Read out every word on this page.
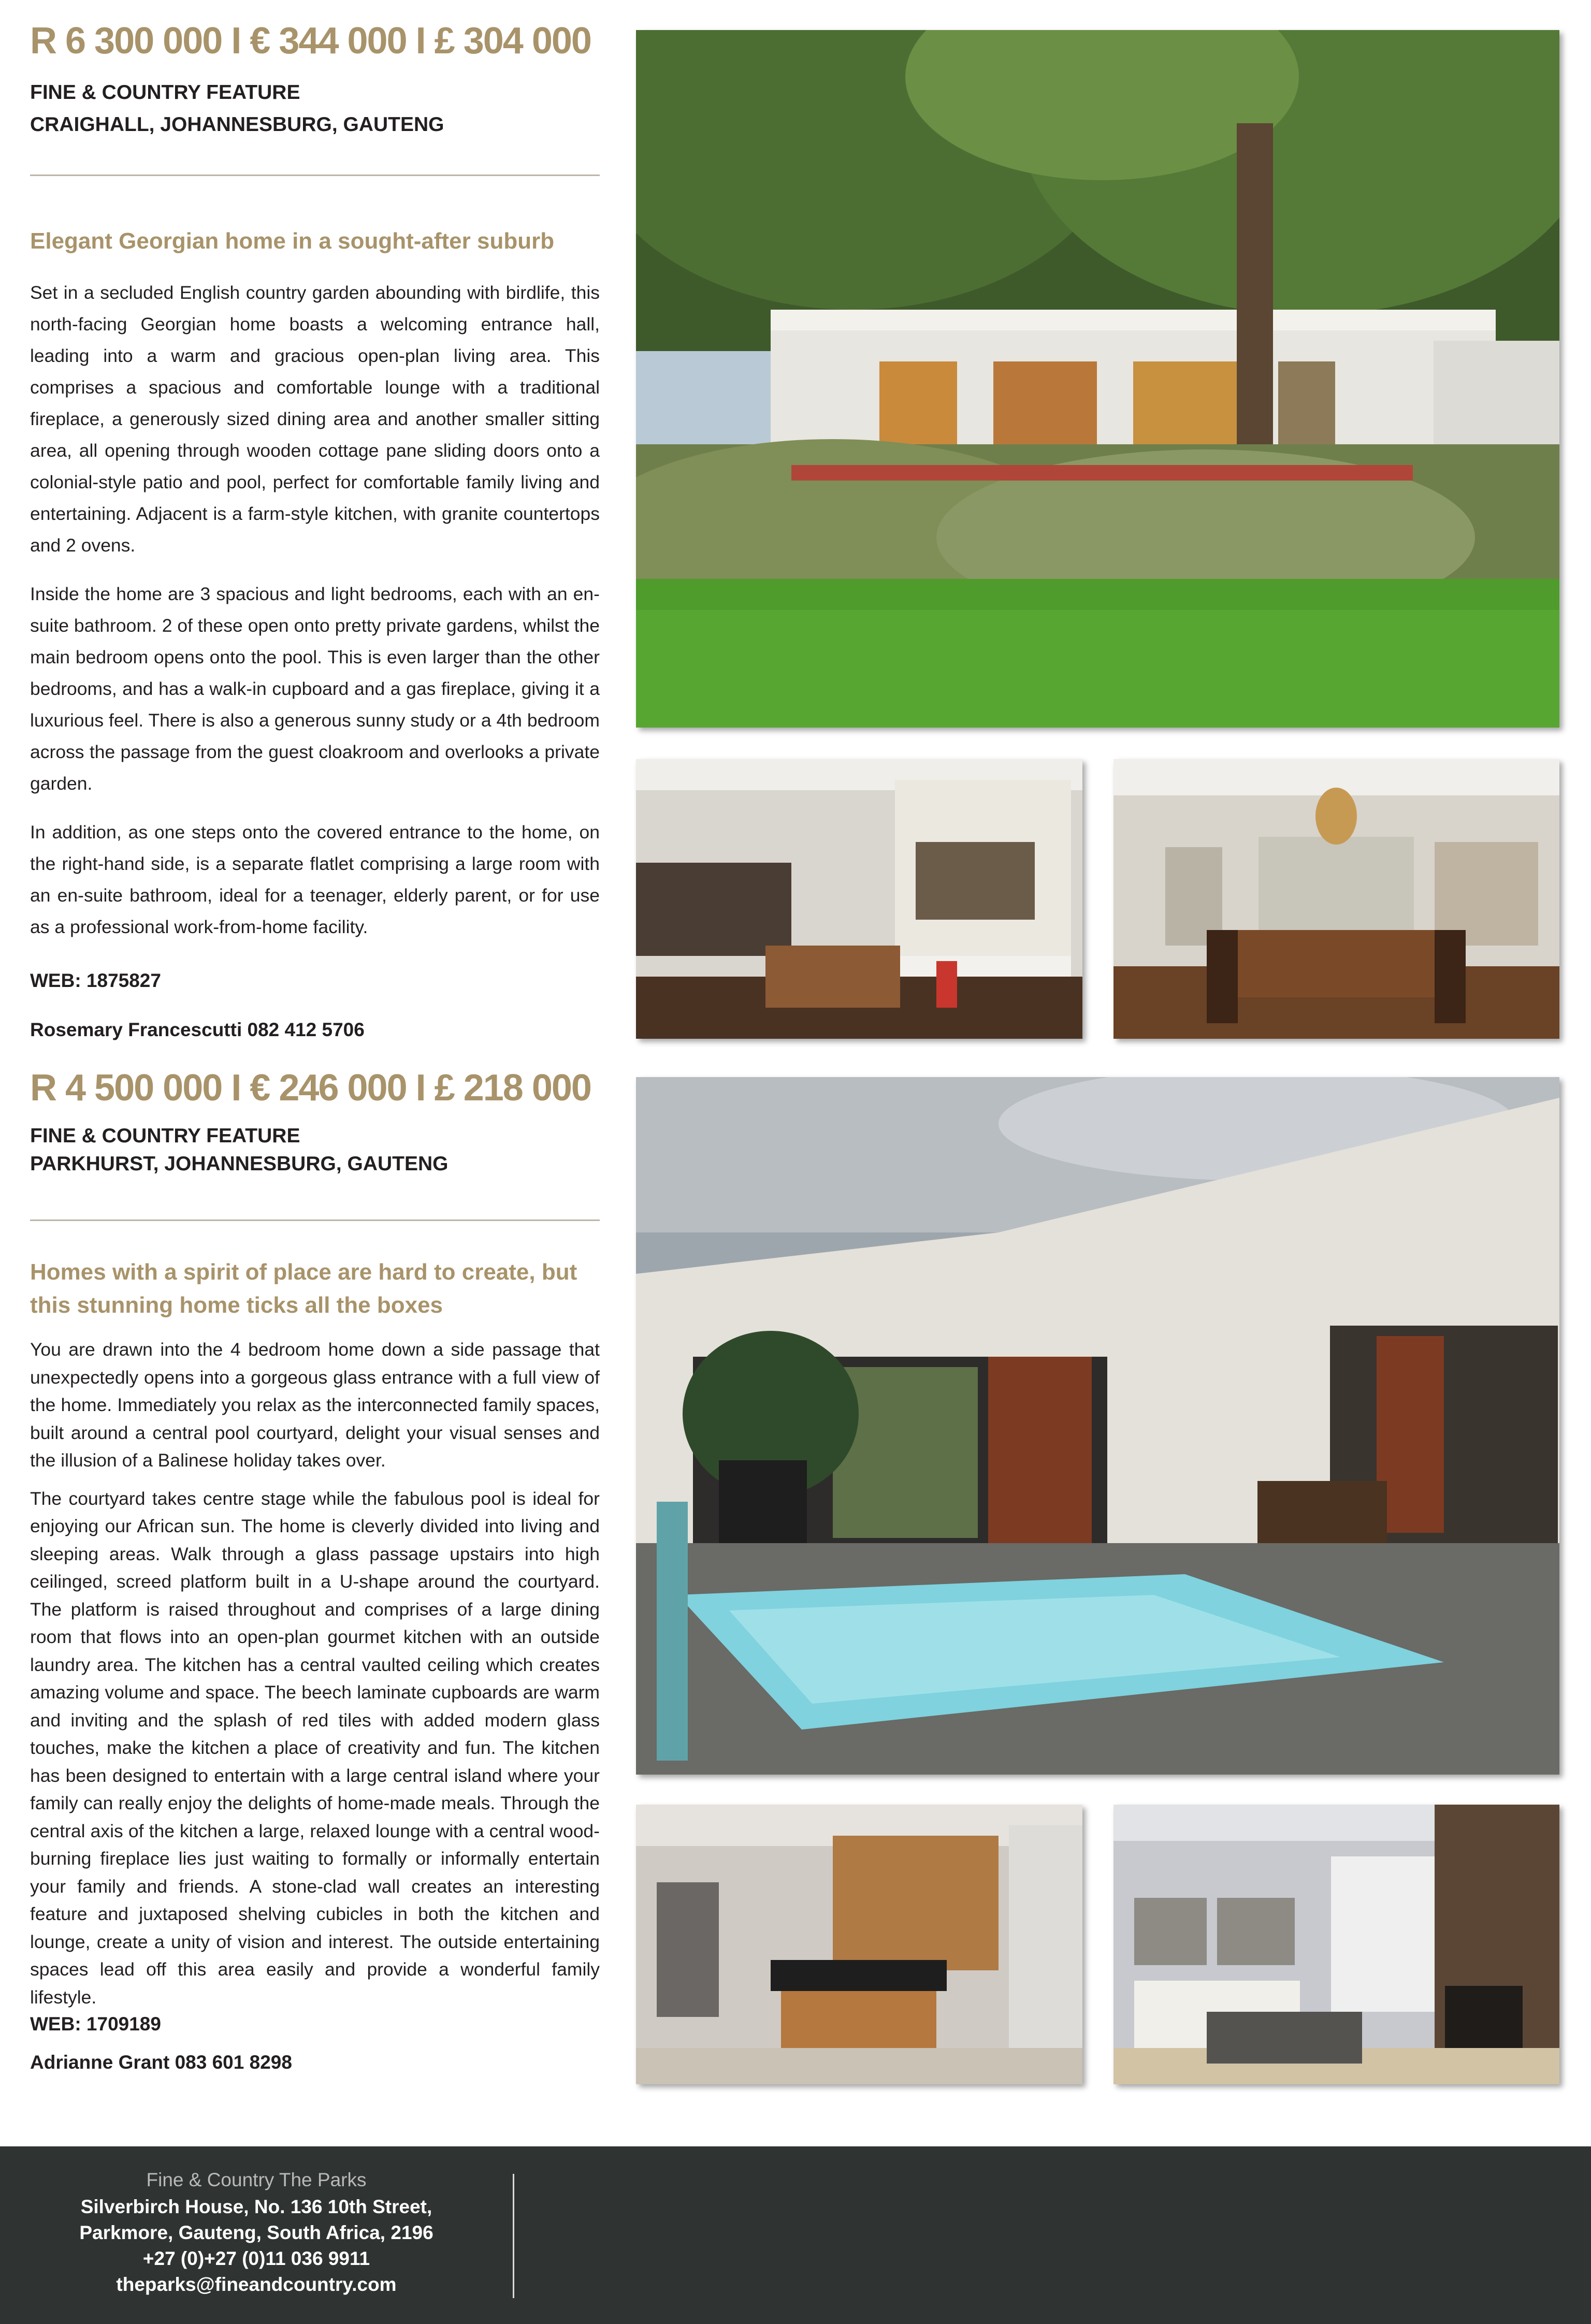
R 6 300 000 I € 344 000 I £ 304 000
FINE & COUNTRY FEATURE
CRAIGHALL, JOHANNESBURG, GAUTENG
Elegant Georgian home in a sought-after suburb

Set in a secluded English country garden abounding with birdlife, this north-facing Georgian home boasts a welcoming entrance hall, leading into a warm and gracious open-plan living area. This comprises a spacious and comfortable lounge with a traditional fireplace, a generously sized dining area and another smaller sitting area, all opening through wooden cottage pane sliding doors onto a colonial-style patio and pool, perfect for comfortable family living and entertaining. Adjacent is a farm-style kitchen, with granite countertops and 2 ovens.

Inside the home are 3 spacious and light bedrooms, each with an en-suite bathroom. 2 of these open onto pretty private gardens, whilst the main bedroom opens onto the pool. This is even larger than the other bedrooms, and has a walk-in cupboard and a gas fireplace, giving it a luxurious feel. There is also a generous sunny study or a 4th bedroom across the passage from the guest cloakroom and overlooks a private garden.

In addition, as one steps onto the covered entrance to the home, on the right-hand side, is a separate flatlet comprising a large room with an en-suite bathroom, ideal for a teenager, elderly parent, or for use as a professional work-from-home facility.

WEB: 1875827
Rosemary Francescutti 082 412 5706
R 4 500 000 I € 246 000 I £ 218 000
FINE & COUNTRY FEATURE
PARKHURST, JOHANNESBURG, GAUTENG
Homes with a spirit of place are hard to create, but this stunning home ticks all the boxes

You are drawn into the 4 bedroom home down a side passage that unexpectedly opens into a gorgeous glass entrance with a full view of the home. Immediately you relax as the interconnected family spaces, built around a central pool courtyard, delight your visual senses and the illusion of a Balinese holiday takes over.

The courtyard takes centre stage while the fabulous pool is ideal for enjoying our African sun. The home is cleverly divided into living and sleeping areas. Walk through a glass passage upstairs into high ceilinged, screed platform built in a U-shape around the courtyard. The platform is raised throughout and comprises of a large dining room that flows into an open-plan gourmet kitchen with an outside laundry area. The kitchen has a central vaulted ceiling which creates amazing volume and space. The beech laminate cupboards are warm and inviting and the splash of red tiles with added modern glass touches, make the kitchen a place of creativity and fun. The kitchen has been designed to entertain with a large central island where your family can really enjoy the delights of home-made meals. Through the central axis of the kitchen a large, relaxed lounge with a central wood-burning fireplace lies just waiting to formally or informally entertain your family and friends. A stone-clad wall creates an interesting feature and juxtaposed shelving cubicles in both the kitchen and lounge, create a unity of vision and interest. The outside entertaining spaces lead off this area easily and provide a wonderful family lifestyle.

WEB: 1709189
Adrianne Grant 083 601 8298
Fine & Country The Parks
Silverbirch House, No. 136 10th Street,
Parkmore, Gauteng, South Africa, 2196
+27 (0)+27 (0)11 036 9911
theparks@fineandcountry.com
